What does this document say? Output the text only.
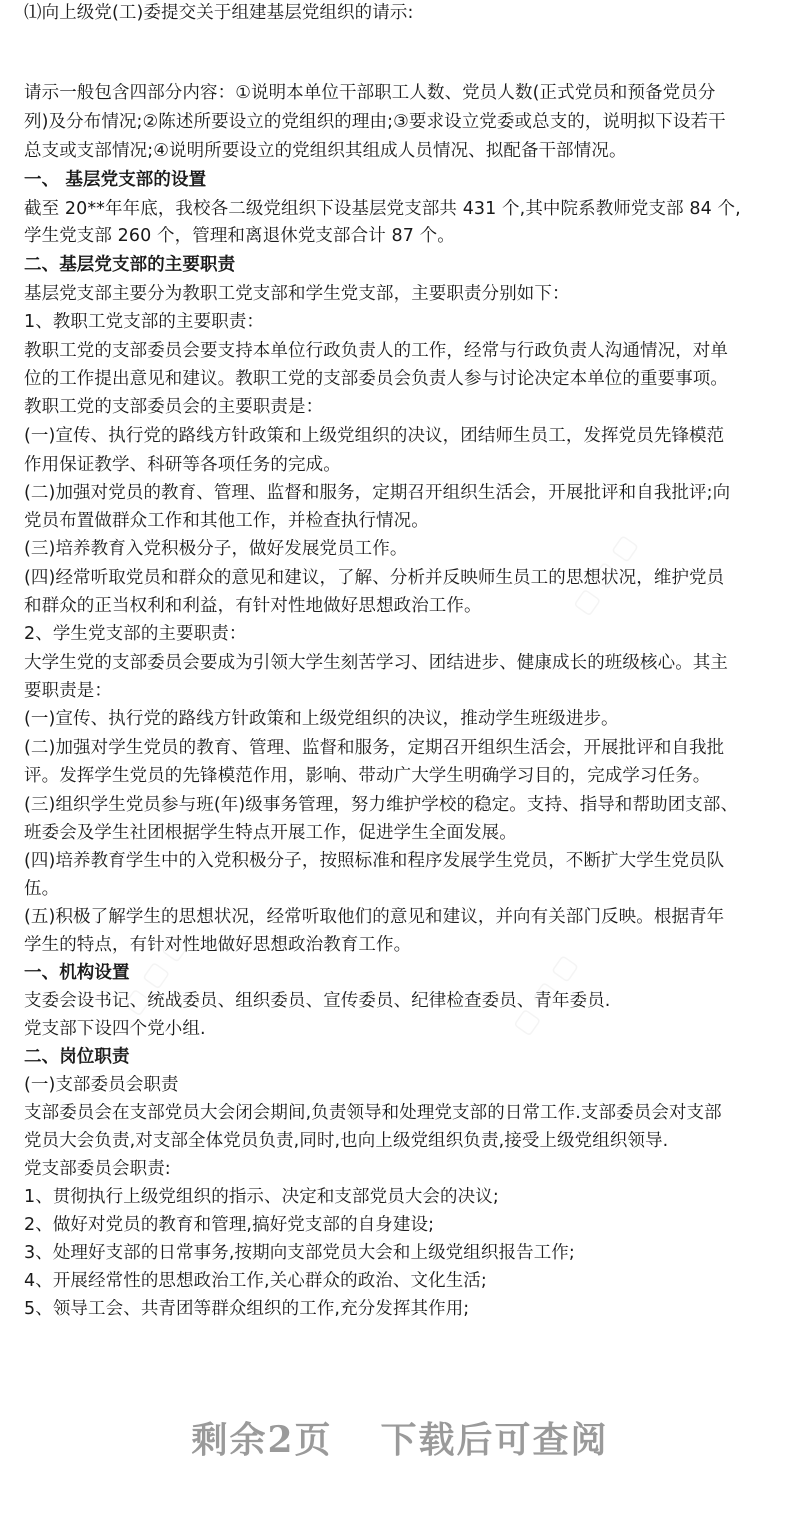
⑴向上级党(工)委提交关于组建基层党组织的请示:
请示一般包含四部分内容：①说明本单位干部职工人数、党员人数(正式党员和预备党员分
列)及分布情况;②陈述所要设立的党组织的理由;③要求设立党委或总支的，说明拟下设若干
总支或支部情况;④说明所要设立的党组织其组成人员情况、拟配备干部情况。
一、 基层党支部的设置
截至 20**年年底，我校各二级党组织下设基层党支部共 431 个,其中院系教师党支部 84 个,
学生党支部 260 个，管理和离退休党支部合计 87 个。
二、基层党支部的主要职责
基层党支部主要分为教职工党支部和学生党支部，主要职责分别如下：
1、教职工党支部的主要职责：
教职工党的支部委员会要支持本单位行政负责人的工作，经常与行政负责人沟通情况，对单
位的工作提出意见和建议。教职工党的支部委员会负责人参与讨论决定本单位的重要事项。
教职工党的支部委员会的主要职责是：
(一)宣传、执行党的路线方针政策和上级党组织的决议，团结师生员工，发挥党员先锋模范
作用保证教学、科研等各项任务的完成。
(二)加强对党员的教育、管理、监督和服务，定期召开组织生活会，开展批评和自我批评;向
党员布置做群众工作和其他工作，并检查执行情况。
(三)培养教育入党积极分子，做好发展党员工作。
(四)经常听取党员和群众的意见和建议，了解、分析并反映师生员工的思想状况，维护党员
和群众的正当权利和利益，有针对性地做好思想政治工作。
2、学生党支部的主要职责：
大学生党的支部委员会要成为引领大学生刻苦学习、团结进步、健康成长的班级核心。其主
要职责是：
(一)宣传、执行党的路线方针政策和上级党组织的决议，推动学生班级进步。
(二)加强对学生党员的教育、管理、监督和服务，定期召开组织生活会，开展批评和自我批
评。发挥学生党员的先锋模范作用，影响、带动广大学生明确学习目的，完成学习任务。
(三)组织学生党员参与班(年)级事务管理，努力维护学校的稳定。支持、指导和帮助团支部、
班委会及学生社团根据学生特点开展工作，促进学生全面发展。
(四)培养教育学生中的入党积极分子，按照标准和程序发展学生党员，不断扩大学生党员队
伍。
(五)积极了解学生的思想状况，经常听取他们的意见和建议，并向有关部门反映。根据青年
学生的特点，有针对性地做好思想政治教育工作。
一、机构设置
支委会设书记、统战委员、组织委员、宣传委员、纪律检查委员、青年委员.
党支部下设四个党小组.
二、岗位职责
(一)支部委员会职责
支部委员会在支部党员大会闭会期间,负责领导和处理党支部的日常工作.支部委员会对支部
党员大会负责,对支部全体党员负责,同时,也向上级党组织负责,接受上级党组织领导.
党支部委员会职责:
1、贯彻执行上级党组织的指示、决定和支部党员大会的决议;
2、做好对党员的教育和管理,搞好党支部的自身建设;
3、处理好支部的日常事务,按期向支部党员大会和上级党组织报告工作;
4、开展经常性的思想政治工作,关心群众的政治、文化生活;
5、领导工会、共青团等群众组织的工作,充分发挥其作用;
▢ ▢ ▢
▢ ▢ ▢	▢ ▢ ▢
剩余2页 下载后可查阅
